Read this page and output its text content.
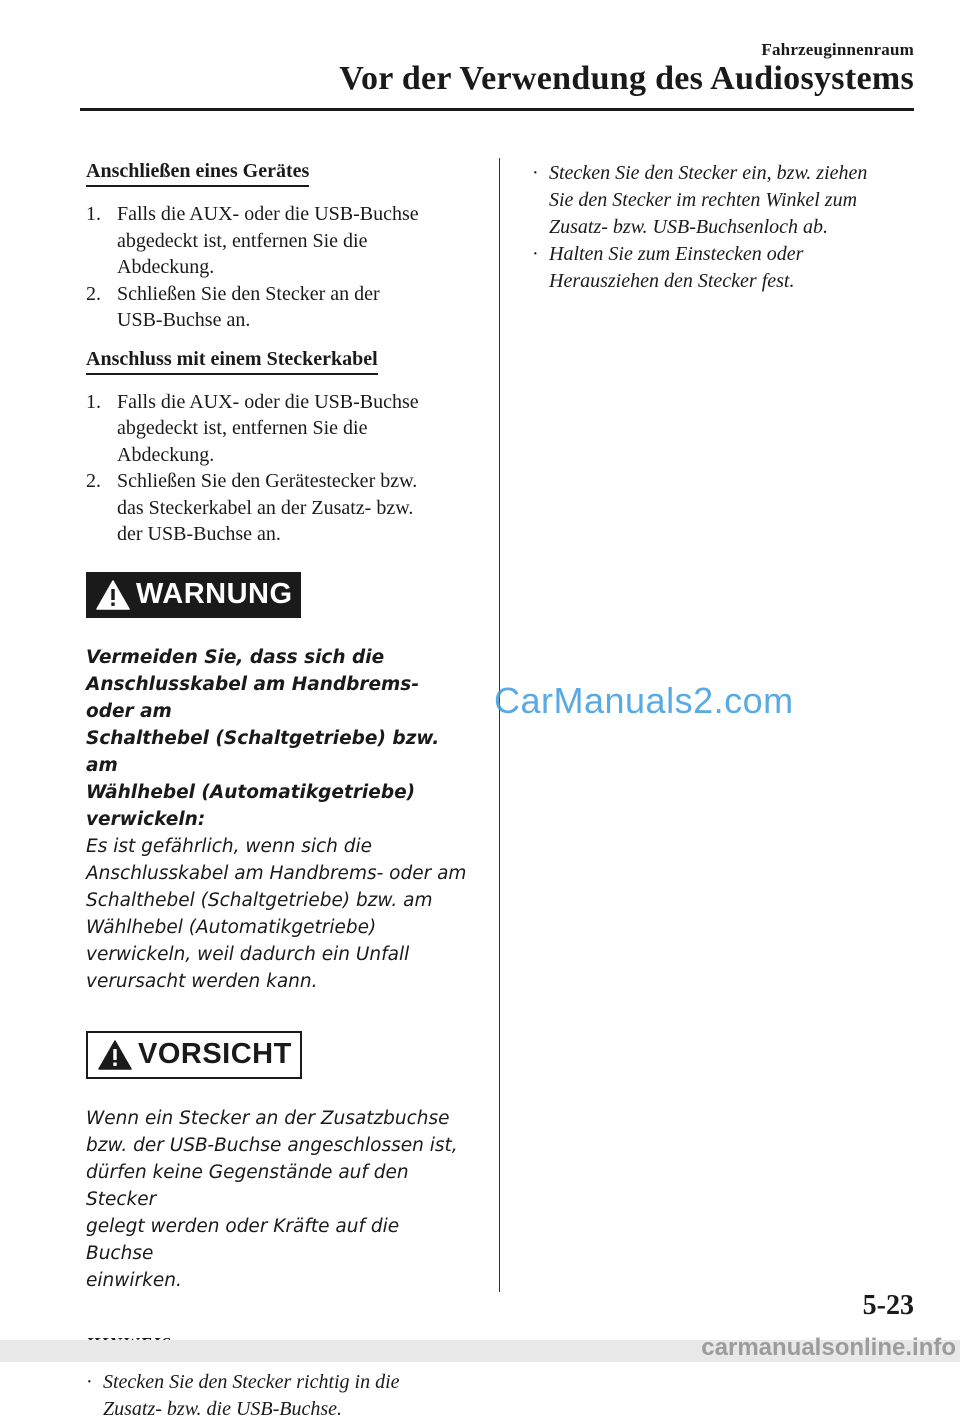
Fahrzeuginnenraum
Vor der Verwendung des Audiosystems
Anschließen eines Gerätes
1. Falls die AUX- oder die USB-Buchse
abgedeckt ist, entfernen Sie die
Abdeckung.
2. Schließen Sie den Stecker an der
USB-Buchse an.
Anschluss mit einem Steckerkabel
1. Falls die AUX- oder die USB-Buchse
abgedeckt ist, entfernen Sie die
Abdeckung.
2. Schließen Sie den Gerätestecker bzw.
das Steckerkabel an der Zusatz- bzw.
der USB-Buchse an.
WARNUNG
Vermeiden Sie, dass sich die
Anschlusskabel am Handbrems- oder am
Schalthebel (Schaltgetriebe) bzw. am
Wählhebel (Automatikgetriebe)
verwickeln:
Es ist gefährlich, wenn sich die
Anschlusskabel am Handbrems- oder am
Schalthebel (Schaltgetriebe) bzw. am
Wählhebel (Automatikgetriebe)
verwickeln, weil dadurch ein Unfall
verursacht werden kann.
VORSICHT
Wenn ein Stecker an der Zusatzbuchse
bzw. der USB-Buchse angeschlossen ist,
dürfen keine Gegenstände auf den Stecker
gelegt werden oder Kräfte auf die Buchse
einwirken.
· Stecken Sie den Stecker richtig in die
Zusatz- bzw. die USB-Buchse.
· Stecken Sie den Stecker ein, bzw. ziehen
Sie den Stecker im rechten Winkel zum
Zusatz- bzw. USB-Buchsenloch ab.
· Halten Sie zum Einstecken oder
Herausziehen den Stecker fest.
CarManuals2.com
5-23
carmanualsonline.info
